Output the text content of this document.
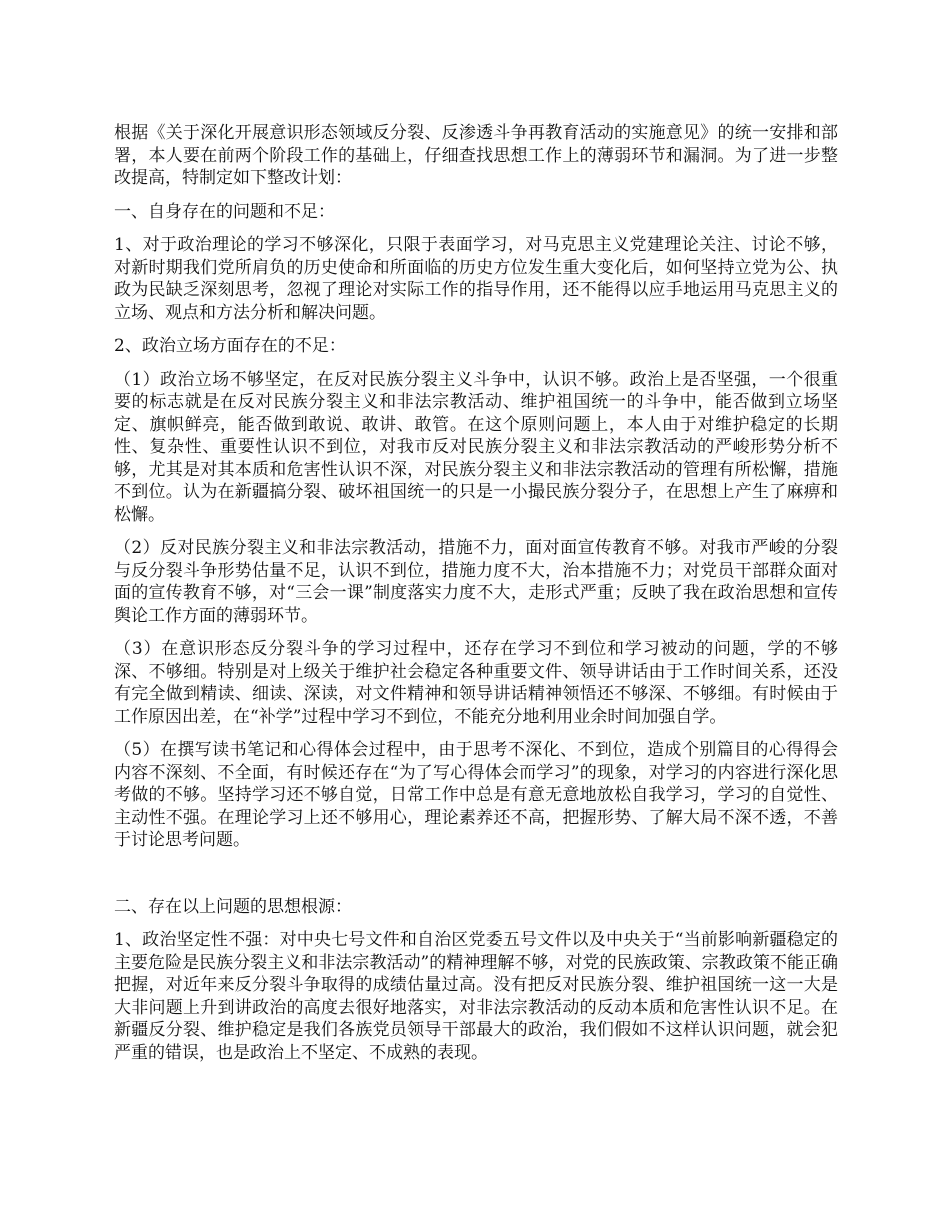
根据《关于深化开展意识形态领域反分裂、反渗透斗争再教育活动的实施意见》的统一安排和部署，本人要在前两个阶段工作的基础上，仔细查找思想工作上的薄弱环节和漏洞。为了进一步整改提高，特制定如下整改计划：

一、自身存在的问题和不足：

1、对于政治理论的学习不够深化，只限于表面学习，对马克思主义党建理论关注、讨论不够，对新时期我们党所肩负的历史使命和所面临的历史方位发生重大变化后，如何坚持立党为公、执政为民缺乏深刻思考，忽视了理论对实际工作的指导作用，还不能得以应手地运用马克思主义的立场、观点和方法分析和解决问题。

2、政治立场方面存在的不足：

（1）政治立场不够坚定，在反对民族分裂主义斗争中，认识不够。政治上是否坚强，一个很重要的标志就是在反对民族分裂主义和非法宗教活动、维护祖国统一的斗争中，能否做到立场坚定、旗帜鲜亮，能否做到敢说、敢讲、敢管。在这个原则问题上，本人由于对维护稳定的长期性、复杂性、重要性认识不到位，对我市反对民族分裂主义和非法宗教活动的严峻形势分析不够，尤其是对其本质和危害性认识不深，对民族分裂主义和非法宗教活动的管理有所松懈，措施不到位。认为在新疆搞分裂、破坏祖国统一的只是一小撮民族分裂分子，在思想上产生了麻痹和松懈。

（2）反对民族分裂主义和非法宗教活动，措施不力，面对面宣传教育不够。对我市严峻的分裂与反分裂斗争形势估量不足，认识不到位，措施力度不大，治本措施不力；对党员干部群众面对面的宣传教育不够，对“三会一课”制度落实力度不大，走形式严重；反映了我在政治思想和宣传舆论工作方面的薄弱环节。

（3）在意识形态反分裂斗争的学习过程中，还存在学习不到位和学习被动的问题，学的不够深、不够细。特别是对上级关于维护社会稳定各种重要文件、领导讲话由于工作时间关系，还没有完全做到精读、细读、深读，对文件精神和领导讲话精神领悟还不够深、不够细。有时候由于工作原因出差，在“补学”过程中学习不到位，不能充分地利用业余时间加强自学。

（5）在撰写读书笔记和心得体会过程中，由于思考不深化、不到位，造成个别篇目的心得得会内容不深刻、不全面，有时候还存在“为了写心得体会而学习”的现象，对学习的内容进行深化思考做的不够。坚持学习还不够自觉，日常工作中总是有意无意地放松自我学习，学习的自觉性、主动性不强。在理论学习上还不够用心，理论素养还不高，把握形势、了解大局不深不透，不善于讨论思考问题。

二、存在以上问题的思想根源：

1、政治坚定性不强：对中央七号文件和自治区党委五号文件以及中央关于“当前影响新疆稳定的主要危险是民族分裂主义和非法宗教活动”的精神理解不够，对党的民族政策、宗教政策不能正确把握，对近年来反分裂斗争取得的成绩估量过高。没有把反对民族分裂、维护祖国统一这一大是大非问题上升到讲政治的高度去很好地落实，对非法宗教活动的反动本质和危害性认识不足。在新疆反分裂、维护稳定是我们各族党员领导干部最大的政治，我们假如不这样认识问题，就会犯严重的错误，也是政治上不坚定、不成熟的表现。
